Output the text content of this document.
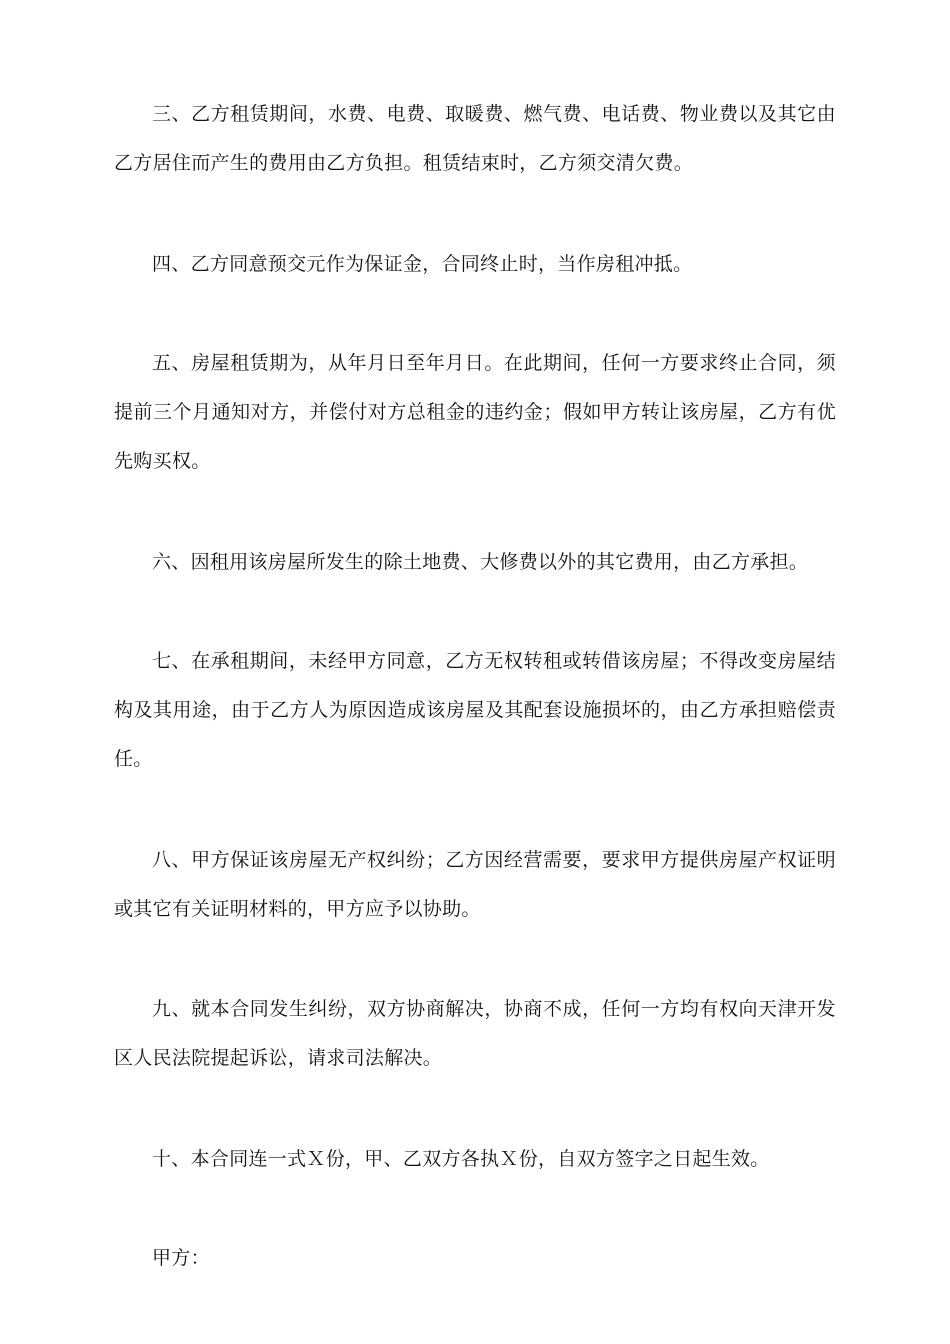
三、乙方租赁期间，水费、电费、取暖费、燃气费、电话费、物业费以及其它由乙方居住而产生的费用由乙方负担。租赁结束时，乙方须交清欠费。

四、乙方同意预交元作为保证金，合同终止时，当作房租冲抵。

五、房屋租赁期为，从年月日至年月日。在此期间，任何一方要求终止合同，须提前三个月通知对方，并偿付对方总租金的违约金；假如甲方转让该房屋，乙方有优先购买权。

六、因租用该房屋所发生的除土地费、大修费以外的其它费用，由乙方承担。

七、在承租期间，未经甲方同意，乙方无权转租或转借该房屋；不得改变房屋结构及其用途，由于乙方人为原因造成该房屋及其配套设施损坏的，由乙方承担赔偿责任。

八、甲方保证该房屋无产权纠纷；乙方因经营需要，要求甲方提供房屋产权证明或其它有关证明材料的，甲方应予以协助。

九、就本合同发生纠纷，双方协商解决，协商不成，任何一方均有权向天津开发区人民法院提起诉讼，请求司法解决。

十、本合同连一式Ｘ份，甲、乙双方各执Ｘ份，自双方签字之日起生效。

甲方：
